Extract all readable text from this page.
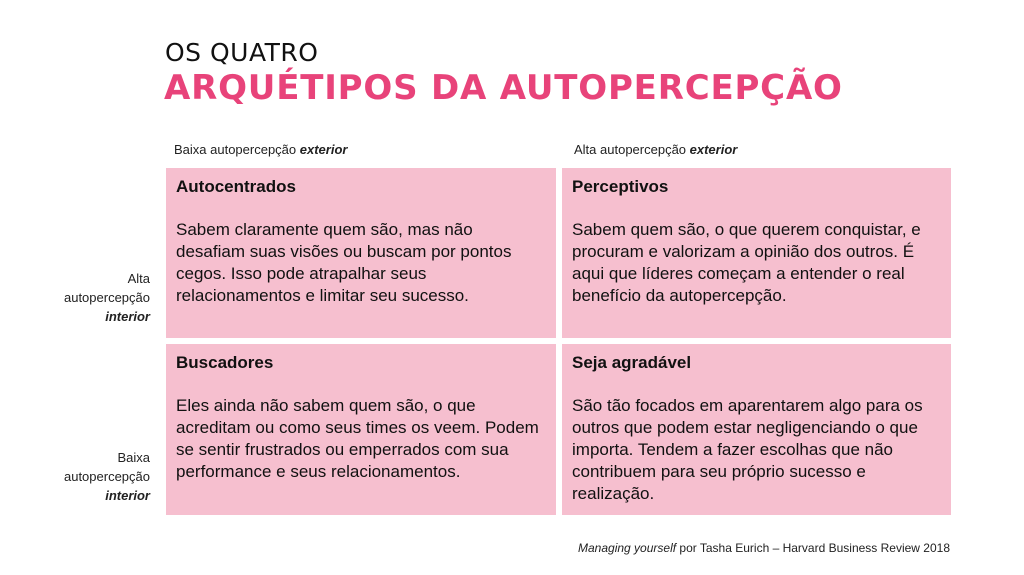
OS QUATRO
ARQUÉTIPOS DA AUTOPERCEPÇÃO
Baixa autopercepção exterior	Alta autopercepção exterior
Alta
autopercepção
interior
Baixa
autopercepção
interior
Autocentrados
Sabem claramente quem são, mas não desafiam suas visões ou buscam por pontos cegos. Isso pode atrapalhar seus relacionamentos e limitar seu sucesso.
Perceptivos
Sabem quem são, o que querem conquistar, e procuram e valorizam a opinião dos outros. É aqui que líderes começam a entender o real benefício da autopercepção.
Buscadores
Eles ainda não sabem quem são, o que acreditam ou como seus times os veem. Podem se sentir frustrados ou emperrados com sua performance e seus relacionamentos.
Seja agradável
São tão focados em aparentarem algo para os outros que podem estar negligenciando o que importa. Tendem a fazer escolhas que não contribuem para seu próprio sucesso e realização.
Managing yourself por Tasha Eurich – Harvard Business Review 2018
